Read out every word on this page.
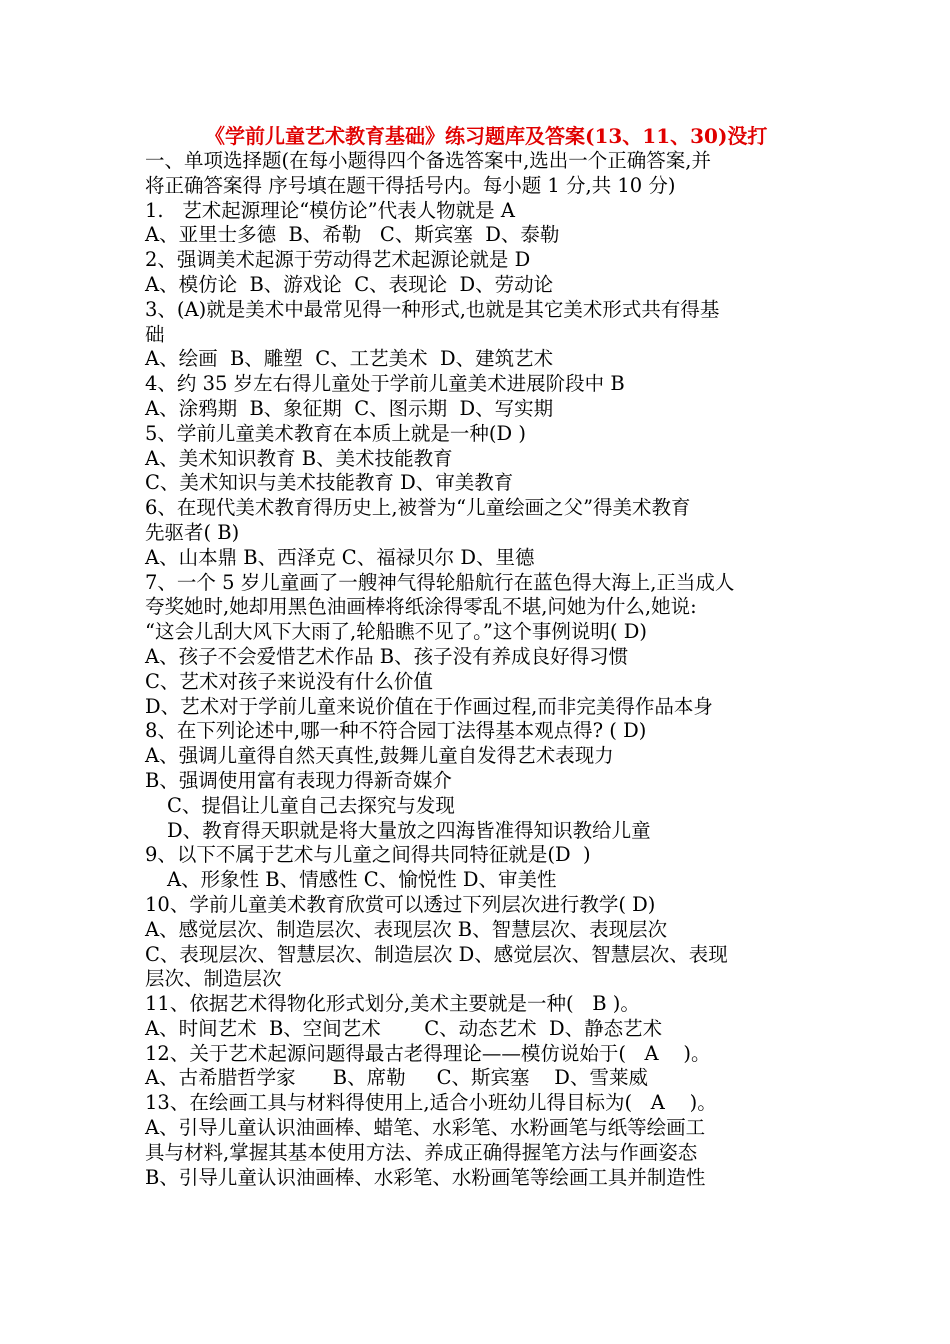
《学前儿童艺术教育基础》练习题库及答案(13、11、30)没打
一、单项选择题(在每小题得四个备选答案中,选出一个正确答案,并
将正确答案得 序号填在题干得括号内。每小题 1 分,共 10 分)
1.   艺术起源理论“模仿论”代表人物就是 A
A、亚里士多德  B、希勒   C、斯宾塞  D、泰勒
2、强调美术起源于劳动得艺术起源论就是 D
A、模仿论  B、游戏论  C、表现论  D、劳动论
3、(A)就是美术中最常见得一种形式,也就是其它美术形式共有得基
础
A、绘画  B、雕塑  C、工艺美术  D、建筑艺术
4、约 35 岁左右得儿童处于学前儿童美术进展阶段中 B
A、涂鸦期  B、象征期  C、图示期  D、写实期
5、学前儿童美术教育在本质上就是一种(D )
A、美术知识教育 B、美术技能教育
C、美术知识与美术技能教育 D、审美教育
6、在现代美术教育得历史上,被誉为“儿童绘画之父”得美术教育
先驱者( B)
A、山本鼎 B、西泽克 C、福禄贝尔 D、里德
7、一个 5 岁儿童画了一艘神气得轮船航行在蓝色得大海上,正当成人
夸奖她时,她却用黑色油画棒将纸涂得零乱不堪,问她为什么,她说:
“这会儿刮大风下大雨了,轮船瞧不见了。”这个事例说明( D)
A、孩子不会爱惜艺术作品 B、孩子没有养成良好得习惯
C、艺术对孩子来说没有什么价值
D、艺术对于学前儿童来说价值在于作画过程,而非完美得作品本身
8、在下列论述中,哪一种不符合园丁法得基本观点得? ( D)
A、强调儿童得自然天真性,鼓舞儿童自发得艺术表现力
B、强调使用富有表现力得新奇媒介
C、提倡让儿童自己去探究与发现
D、教育得天职就是将大量放之四海皆准得知识教给儿童
9、以下不属于艺术与儿童之间得共同特征就是(D  )
A、形象性 B、情感性 C、愉悦性 D、审美性
10、学前儿童美术教育欣赏可以透过下列层次进行教学( D)
A、感觉层次、制造层次、表现层次 B、智慧层次、表现层次
C、表现层次、智慧层次、制造层次 D、感觉层次、智慧层次、表现
层次、制造层次
11、依据艺术得物化形式划分,美术主要就是一种(   B )。
A、时间艺术  B、空间艺术       C、动态艺术  D、静态艺术
12、关于艺术起源问题得最古老得理论——模仿说始于(   A    )。
A、古希腊哲学家      B、席勒     C、斯宾塞    D、雪莱威
13、在绘画工具与材料得使用上,适合小班幼儿得目标为(   A    )。
A、引导儿童认识油画棒、蜡笔、水彩笔、水粉画笔与纸等绘画工
具与材料,掌握其基本使用方法、养成正确得握笔方法与作画姿态
B、引导儿童认识油画棒、水彩笔、水粉画笔等绘画工具并制造性
